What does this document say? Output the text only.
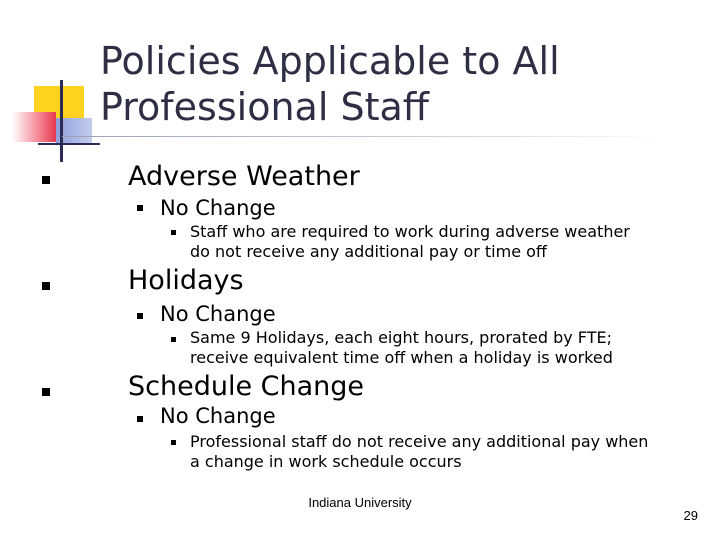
Policies Applicable to All
Professional Staff
Adverse Weather
No Change
Staff who are required to work during adverse weather
do not receive any additional pay or time off
Holidays
No Change
Same 9 Holidays, each eight hours, prorated by FTE;
receive equivalent time off when a holiday is worked
Schedule Change
No Change
Professional staff do not receive any additional pay when
a change in work schedule occurs
Indiana University
29
